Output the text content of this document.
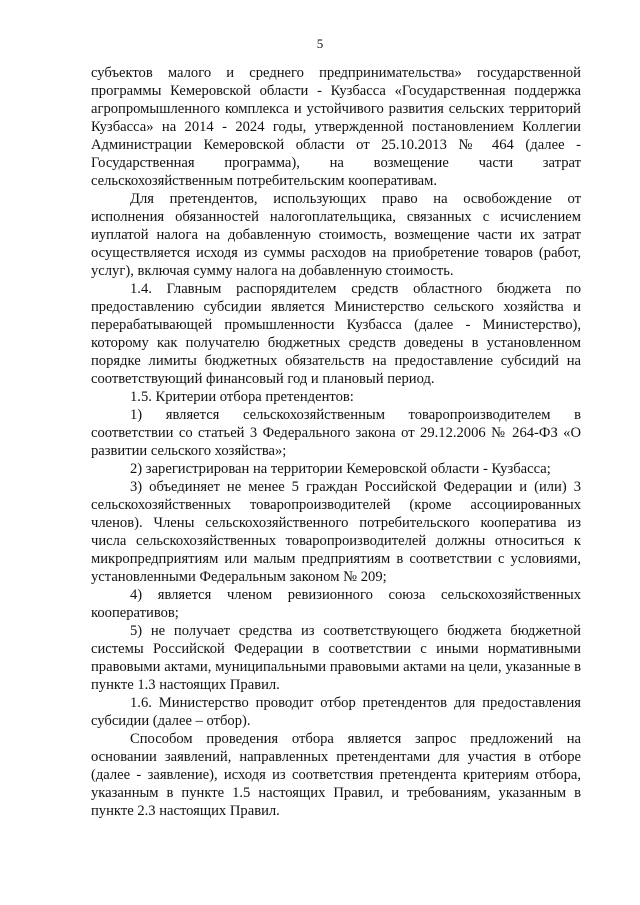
5

субъектов малого и среднего предпринимательства» государственной программы Кемеровской области - Кузбасса «Государственная поддержка агропромышленного комплекса и устойчивого развития сельских территорий Кузбасса» на 2014 - 2024 годы, утвержденной постановлением Коллегии Администрации Кемеровской области от 25.10.2013 № 464 (далее - Государственная программа), на возмещение части затрат сельскохозяйственным потребительским кооперативам.

Для претендентов, использующих право на освобождение от исполнения обязанностей налогоплательщика, связанных с исчислением иуплатой налога на добавленную стоимость, возмещение части их затрат осуществляется исходя из суммы расходов на приобретение товаров (работ, услуг), включая сумму налога на добавленную стоимость.

1.4. Главным распорядителем средств областного бюджета по предоставлению субсидии является Министерство сельского хозяйства и перерабатывающей промышленности Кузбасса (далее - Министерство), которому как получателю бюджетных средств доведены в установленном порядке лимиты бюджетных обязательств на предоставление субсидий на соответствующий финансовый год и плановый период.

1.5. Критерии отбора претендентов:

1) является сельскохозяйственным товаропроизводителем в соответствии со статьей 3 Федерального закона от 29.12.2006 № 264-ФЗ «О развитии сельского хозяйства»;

2) зарегистрирован на территории Кемеровской области - Кузбасса;

3) объединяет не менее 5 граждан Российской Федерации и (или) 3 сельскохозяйственных товаропроизводителей (кроме ассоциированных членов). Члены сельскохозяйственного потребительского кооператива из числа сельскохозяйственных товаропроизводителей должны относиться к микропредприятиям или малым предприятиям в соответствии с условиями, установленными Федеральным законом № 209;

4) является членом ревизионного союза сельскохозяйственных кооперативов;

5) не получает средства из соответствующего бюджета бюджетной системы Российской Федерации в соответствии с иными нормативными правовыми актами, муниципальными правовыми актами на цели, указанные в пункте 1.3 настоящих Правил.

1.6. Министерство проводит отбор претендентов для предоставления субсидии (далее – отбор).

Способом проведения отбора является запрос предложений на основании заявлений, направленных претендентами для участия в отборе (далее - заявление), исходя из соответствия претендента критериям отбора, указанным в пункте 1.5 настоящих Правил, и требованиям, указанным в пункте 2.3 настоящих Правил.
